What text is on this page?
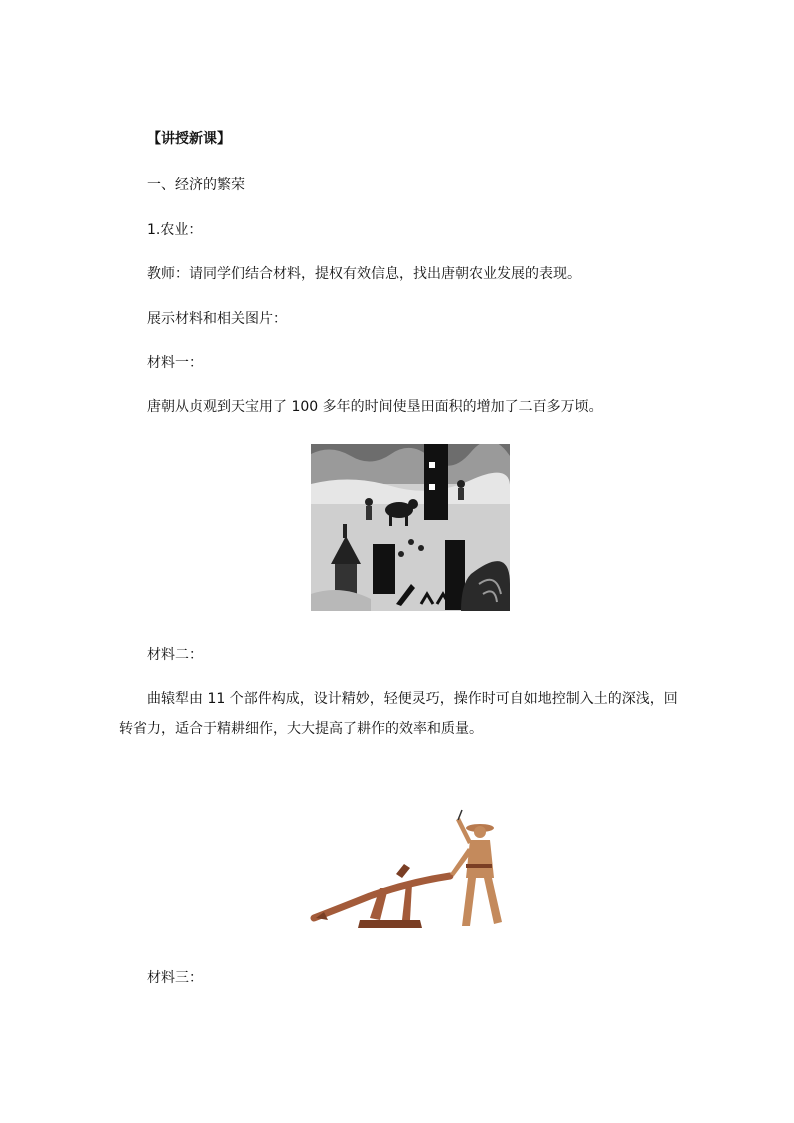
【讲授新课】
一、经济的繁荣
1.农业：
教师：请同学们结合材料，提权有效信息，找出唐朝农业发展的表现。
展示材料和相关图片：
材料一：
唐朝从贞观到天宝用了 100 多年的时间使垦田面积的增加了二百多万顷。
材料二：
曲辕犁由 11 个部件构成，设计精妙，轻便灵巧，操作时可自如地控制入土的深浅，回
转省力，适合于精耕细作，大大提高了耕作的效率和质量。
材料三：
